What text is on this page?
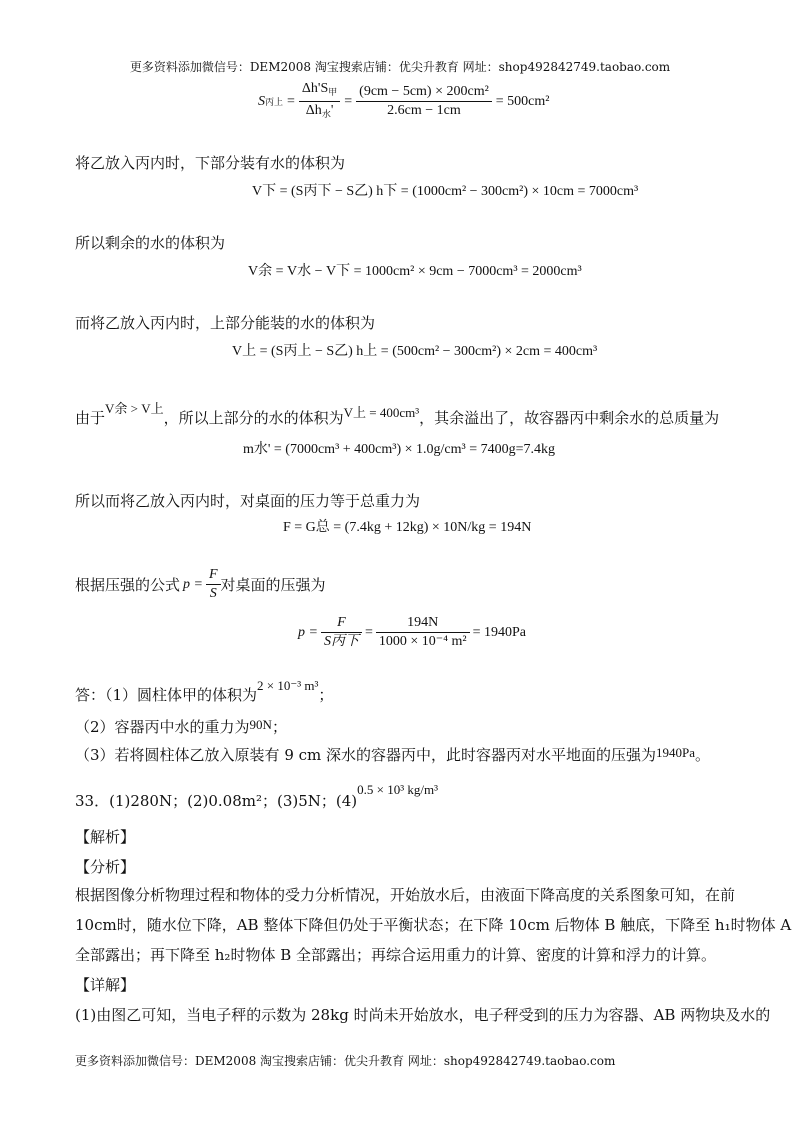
更多资料添加微信号：DEM2008 淘宝搜索店铺：优尖升教育 网址：shop492842749.taobao.com
S 丙上 = $\frac{\Delta h'S_甲}{\Delta h_水'} = \frac{\text{(9cm − 5cm) × 200cm²}}{2.6cm - 1cm} = 500cm^2$
将乙放入丙内时，下部分装有水的体积为
V下 = (S丙下 − S乙) h下 = (1000cm² − 300cm²) × 10cm = 7000cm³
所以剩余的水的体积为
V余 = V水 − V下 = 1000cm² × 9cm − 7000cm³ = 2000cm³
而将乙放入丙内时，上部分能装的水的体积为
V上 = (S丙上 − S乙) h上 = (500cm² − 300cm²) × 2cm = 400cm³
由于V余 > V上，所以上部分的水的体积为V上 = 400cm³，其余溢出了，故容器丙中剩余水的总质量为
m水' = (7000cm³ + 400cm³) × 1.0g/cm³ = 7400g=7.4kg
所以而将乙放入丙内时，对桌面的压力等于总重力为
F = G总 = (7.4kg + 12kg) × 10N/kg = 194N
根据压强的公式 $p = \frac{F}{S}$ 对桌面的压强为
$p = \frac{F}{\text{S丙下}} = \frac{194N}{\text{1000 × 10⁻⁴ m²}} = 1940Pa$
答：（1）圆柱体甲的体积为2 × 10⁻³ m³；
（2）容器丙中水的重力为90N；
（3）若将圆柱体乙放入原装有 9 cm 深水的容器丙中，此时容器丙对水平地面的压强为1940Pa。
33．(1)280N；(2)0.08m²；(3)5N；(4)0.5 × 10³ kg/m³
【解析】
【分析】
根据图像分析物理过程和物体的受力分析情况，开始放水后，由液面下降高度的关系图象可知，在前
10cm时，随水位下降，AB 整体下降但仍处于平衡状态；在下降 10cm 后物体 B 触底，下降至 h₁时物体 A
全部露出；再下降至 h₂时物体 B 全部露出；再综合运用重力的计算、密度的计算和浮力的计算。
【详解】
(1)由图乙可知，当电子秤的示数为 28kg 时尚未开始放水，电子秤受到的压力为容器、AB 两物块及水的
更多资料添加微信号：DEM2008 淘宝搜索店铺：优尖升教育 网址：shop492842749.taobao.com
